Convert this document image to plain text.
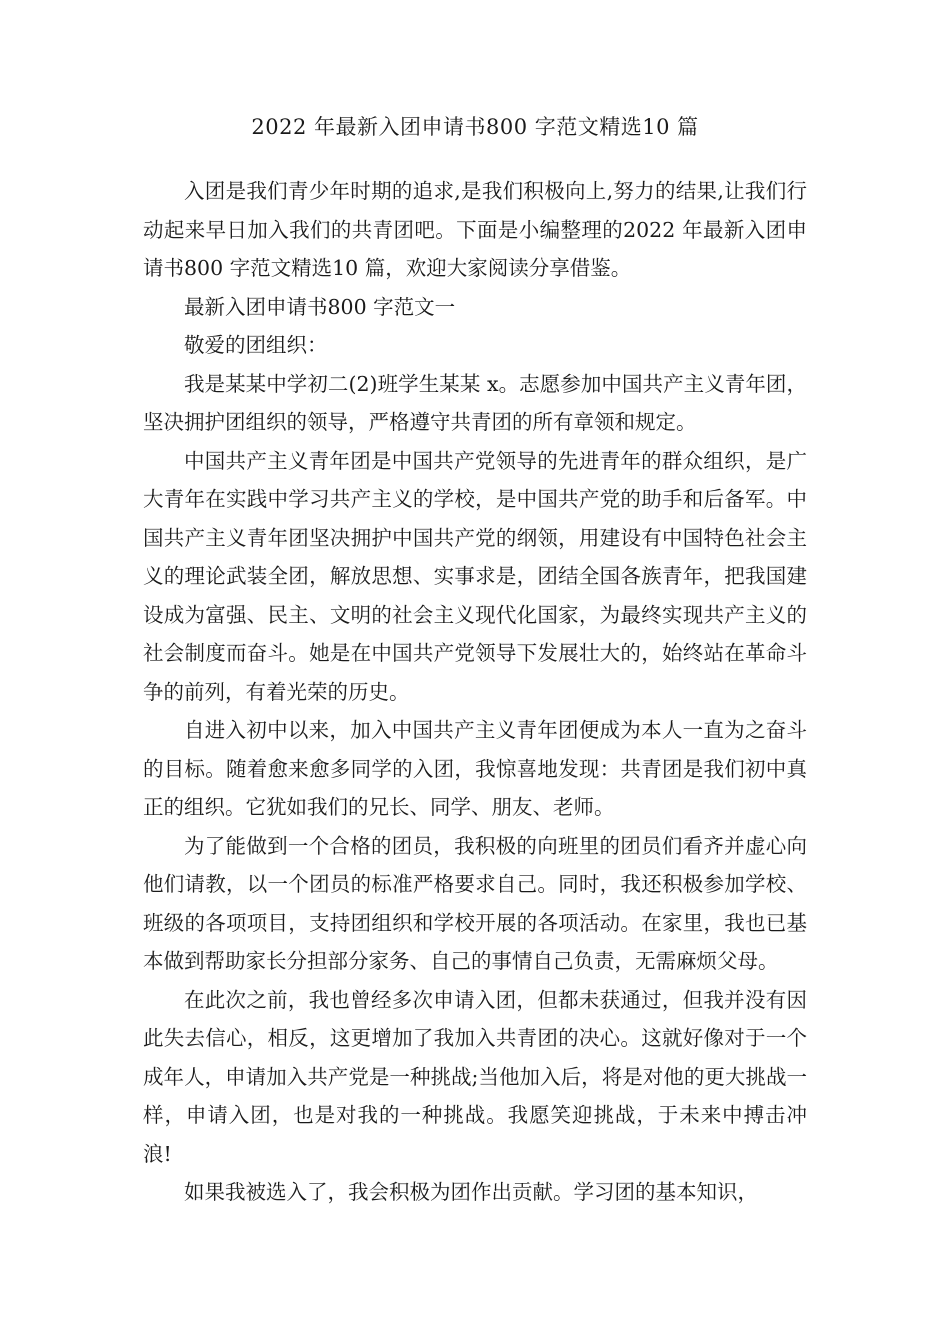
2022 年最新入团申请书800 字范文精选10 篇

入团是我们青少年时期的追求,是我们积极向上,努力的结果,让我们行动起来早日加入我们的共青团吧。下面是小编整理的2022 年最新入团申请书800 字范文精选10 篇，欢迎大家阅读分享借鉴。

最新入团申请书800 字范文一

敬爱的团组织：

我是某某中学初二(2)班学生某某 x。志愿参加中国共产主义青年团，坚决拥护团组织的领导，严格遵守共青团的所有章领和规定。

中国共产主义青年团是中国共产党领导的先进青年的群众组织，是广大青年在实践中学习共产主义的学校，是中国共产党的助手和后备军。中国共产主义青年团坚决拥护中国共产党的纲领，用建设有中国特色社会主义的理论武装全团，解放思想、实事求是，团结全国各族青年，把我国建设成为富强、民主、文明的社会主义现代化国家，为最终实现共产主义的社会制度而奋斗。她是在中国共产党领导下发展壮大的，始终站在革命斗争的前列，有着光荣的历史。

自进入初中以来，加入中国共产主义青年团便成为本人一直为之奋斗的目标。随着愈来愈多同学的入团，我惊喜地发现：共青团是我们初中真正的组织。它犹如我们的兄长、同学、朋友、老师。

为了能做到一个合格的团员，我积极的向班里的团员们看齐并虚心向他们请教，以一个团员的标准严格要求自己。同时，我还积极参加学校、班级的各项项目，支持团组织和学校开展的各项活动。在家里，我也已基本做到帮助家长分担部分家务、自己的事情自己负责，无需麻烦父母。

在此次之前，我也曾经多次申请入团，但都未获通过，但我并没有因此失去信心，相反，这更增加了我加入共青团的决心。这就好像对于一个成年人，申请加入共产党是一种挑战;当他加入后，将是对他的更大挑战一样，申请入团，也是对我的一种挑战。我愿笑迎挑战，于未来中搏击冲浪!

如果我被选入了，我会积极为团作出贡献。学习团的基本知识，
